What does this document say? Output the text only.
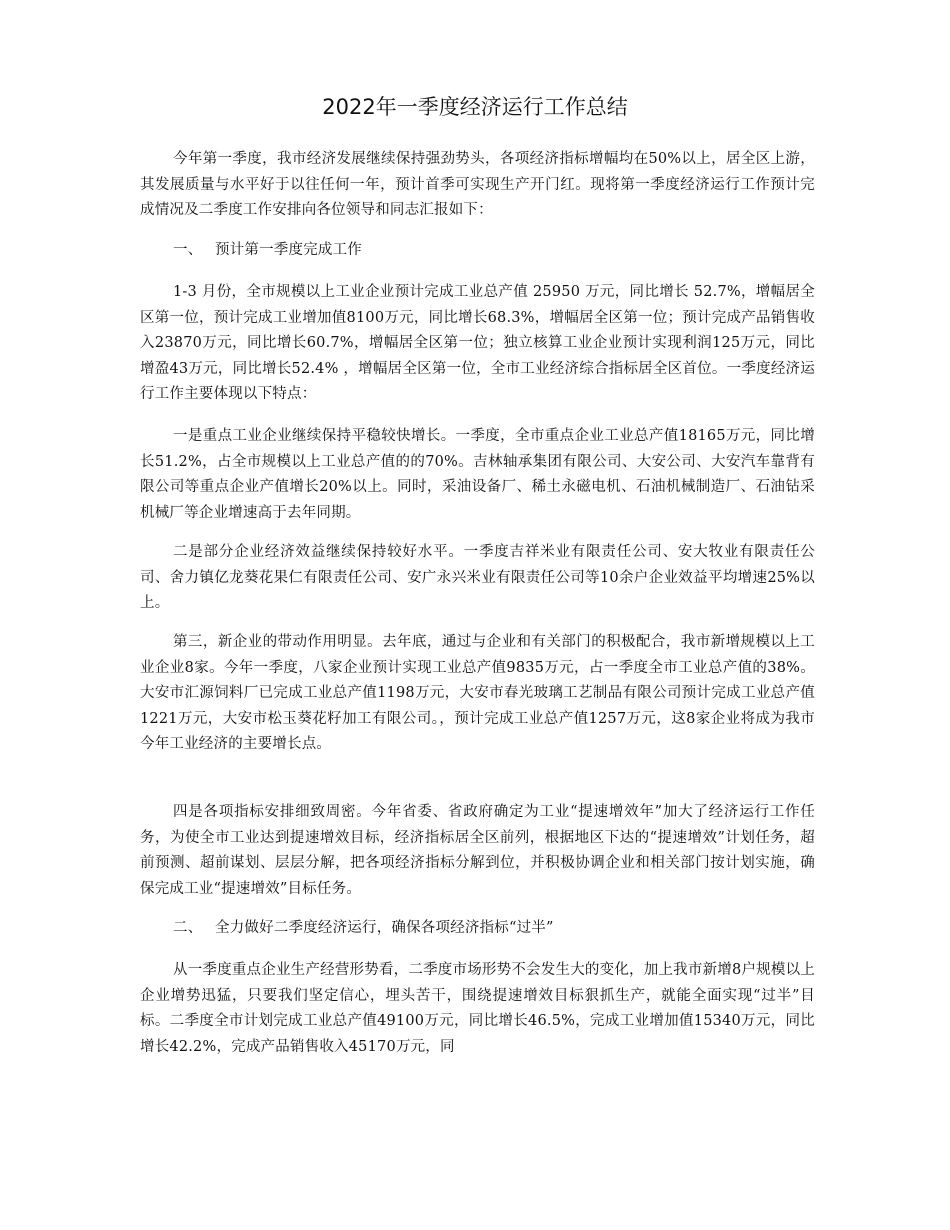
2022年一季度经济运行工作总结

今年第一季度，我市经济发展继续保持强劲势头，各项经济指标增幅均在50%以上，居全区上游，其发展质量与水平好于以往任何一年，预计首季可实现生产开门红。现将第一季度经济运行工作预计完成情况及二季度工作安排向各位领导和同志汇报如下：

一、 预计第一季度完成工作

1-3 月份，全市规模以上工业企业预计完成工业总产值 25950 万元，同比增长 52.7%，增幅居全区第一位，预计完成工业增加值8100万元，同比增长68.3%，增幅居全区第一位；预计完成产品销售收入23870万元，同比增长60.7%，增幅居全区第一位；独立核算工业企业预计实现利润125万元，同比增盈43万元，同比增长52.4% ，增幅居全区第一位，全市工业经济综合指标居全区首位。一季度经济运行工作主要体现以下特点：

一是重点工业企业继续保持平稳较快增长。一季度，全市重点企业工业总产值18165万元，同比增长51.2%，占全市规模以上工业总产值的的70%。吉林轴承集团有限公司、大安公司、大安汽车靠背有限公司等重点企业产值增长20%以上。同时，采油设备厂、稀土永磁电机、石油机械制造厂、石油钻采机械厂等企业增速高于去年同期。

二是部分企业经济效益继续保持较好水平。一季度吉祥米业有限责任公司、安大牧业有限责任公司、舍力镇亿龙葵花果仁有限责任公司、安广永兴米业有限责任公司等10余户企业效益平均增速25%以上。

第三，新企业的带动作用明显。去年底，通过与企业和有关部门的积极配合，我市新增规模以上工业企业8家。今年一季度，八家企业预计实现工业总产值9835万元，占一季度全市工业总产值的38%。大安市汇源饲料厂已完成工业总产值1198万元，大安市春光玻璃工艺制品有限公司预计完成工业总产值1221万元，大安市松玉葵花籽加工有限公司。，预计完成工业总产值1257万元，这8家企业将成为我市今年工业经济的主要增长点。

四是各项指标安排细致周密。今年省委、省政府确定为工业“提速增效年”加大了经济运行工作任务，为使全市工业达到提速增效目标，经济指标居全区前列，根据地区下达的“提速增效”计划任务，超前预测、超前谋划、层层分解，把各项经济指标分解到位，并积极协调企业和相关部门按计划实施，确保完成工业“提速增效”目标任务。

二、 全力做好二季度经济运行，确保各项经济指标“过半”

从一季度重点企业生产经营形势看，二季度市场形势不会发生大的变化，加上我市新增8户规模以上企业增势迅猛，只要我们坚定信心，埋头苦干，围绕提速增效目标狠抓生产，就能全面实现“过半”目标。二季度全市计划完成工业总产值49100万元，同比增长46.5%，完成工业增加值15340万元，同比增长42.2%，完成产品销售收入45170万元，同
